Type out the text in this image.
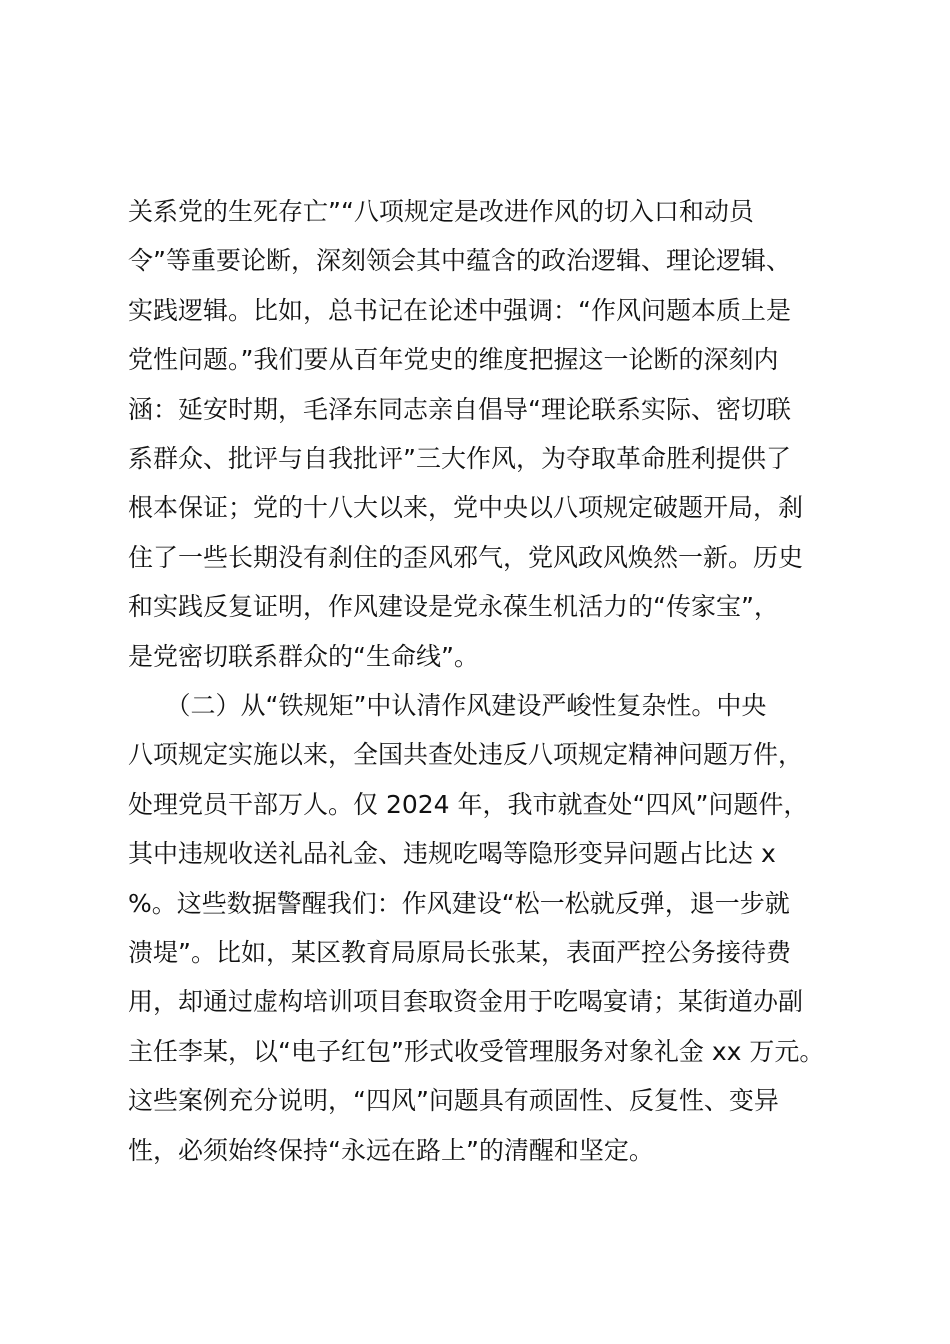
关系党的生死存亡”“八项规定是改进作风的切入口和动员
令”等重要论断，深刻领会其中蕴含的政治逻辑、理论逻辑、
实践逻辑。比如，总书记在论述中强调：“作风问题本质上是
党性问题。”我们要从百年党史的维度把握这一论断的深刻内
涵：延安时期，毛泽东同志亲自倡导“理论联系实际、密切联
系群众、批评与自我批评”三大作风，为夺取革命胜利提供了
根本保证；党的十八大以来，党中央以八项规定破题开局，刹
住了一些长期没有刹住的歪风邪气，党风政风焕然一新。历史
和实践反复证明，作风建设是党永葆生机活力的“传家宝”，
是党密切联系群众的“生命线”。
　　（二）从“铁规矩”中认清作风建设严峻性复杂性。中央
八项规定实施以来，全国共查处违反八项规定精神问题万件，
处理党员干部万人。仅 2024 年，我市就查处“四风”问题件，
其中违规收送礼品礼金、违规吃喝等隐形变异问题占比达 x
%。这些数据警醒我们：作风建设“松一松就反弹，退一步就
溃堤”。比如，某区教育局原局长张某，表面严控公务接待费
用，却通过虚构培训项目套取资金用于吃喝宴请；某街道办副
主任李某，以“电子红包”形式收受管理服务对象礼金 xx 万元。
这些案例充分说明，“四风”问题具有顽固性、反复性、变异
性，必须始终保持“永远在路上”的清醒和坚定。
